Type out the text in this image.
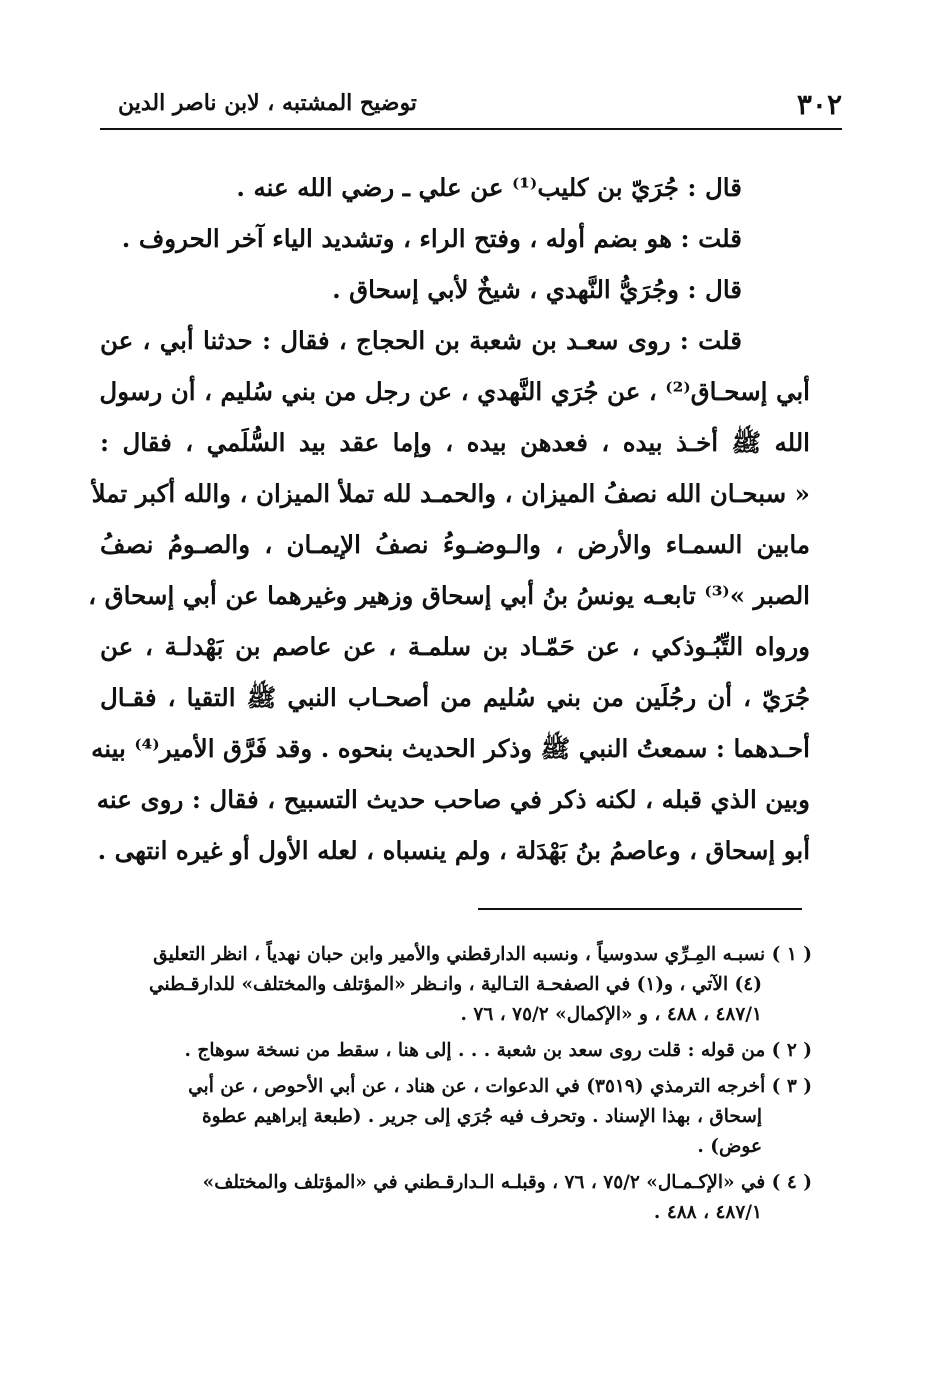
٣٠٢
توضيح المشتبه ، لابن ناصر الدين
قال : جُرَيّ بن كليب⁽¹⁾ عن علي ـ رضي الله عنه .
قلت : هو بضم أوله ، وفتح الراء ، وتشديد الياء آخر الحروف .
قال : وجُرَيُّ النَّهدي ، شيخٌ لأبي إسحاق .
قلت : روى سعـد بن شعبة بن الحجاج ، فقال : حدثنا أبي ، عن
أبي إسحـاق⁽²⁾ ، عن جُرَي النَّهدي ، عن رجل من بني سُليم ، أن رسول
الله ﷺ أخـذ بيده ، فعدهن بيده ، وإما عقد بيد السُّلَمي ، فقال :
« سبحـان الله نصفُ الميزان ، والحمـد لله تملأ الميزان ، والله أكبر تملأ
مابين السمـاء والأرض ، والـوضـوءُ نصفُ الإيمـان ، والصـومُ نصفُ
الصبر »⁽³⁾ تابعـه يونسُ بنُ أبي إسحاق وزهير وغيرهما عن أبي إسحاق ،
ورواه التِّبُـوذكي ، عن حَمّـاد بن سلمـة ، عن عاصم بن بَهْدلـة ، عن
جُرَيّ ، أن رجُلَين من بني سُليم من أصحـاب النبي ﷺ التقيا ، فقـال
أحـدهما : سمعتُ النبي ﷺ وذكر الحديث بنحوه . وقد فَرَّق الأمير⁽⁴⁾ بينه
وبين الذي قبله ، لكنه ذكر في صاحب حديث التسبيح ، فقال : روى عنه
أبو إسحاق ، وعاصمُ بنُ بَهْدَلة ، ولم ينسباه ، لعله الأول أو غيره انتهى .
( ١ ) نسبـه المِـرِّي سدوسياً ، ونسبه الدارقطني والأمير وابن حبان نهدياً ، انظر التعليق
(٤) الآتي ، و(١) في الصفحـة التـالية ، وانـظر «المؤتلف والمختلف» للدارقـطني
٤٨٧/١ ، ٤٨٨ ، و «الإكمال» ٧٥/٢ ، ٧٦ .
( ٢ ) من قوله : قلت روى سعد بن شعبة . . . إلى هنا ، سقط من نسخة سوهاج .
( ٣ ) أخرجه الترمذي (٣٥١٩) في الدعوات ، عن هناد ، عن أبي الأحوص ، عن أبي
إسحاق ، بهذا الإسناد . وتحرف فيه جُرَي إلى جرير . (طبعة إبراهيم عطوة
عوض) .
( ٤ ) في «الإكـمـال» ٧٥/٢ ، ٧٦ ، وقبلـه الـدارقـطني في «المؤتلف والمختلف»
٤٨٧/١ ، ٤٨٨ .
